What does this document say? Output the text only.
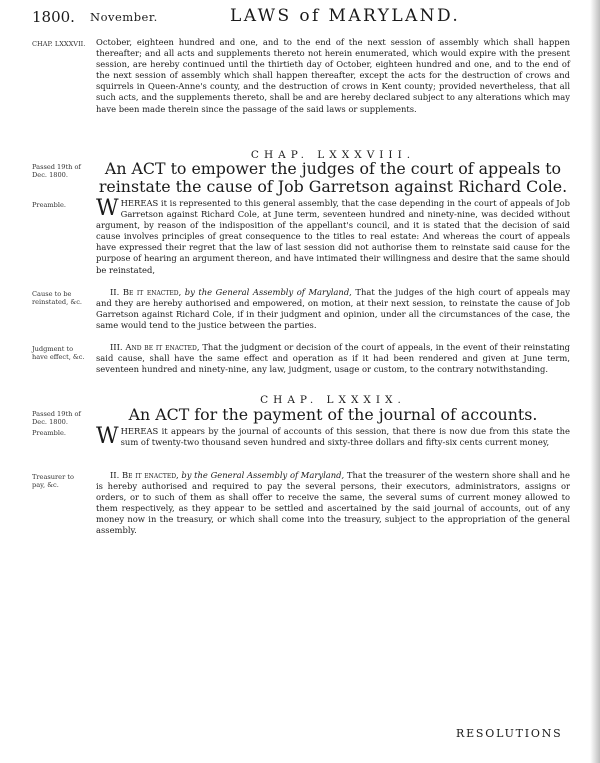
1800. November.	LAWS of MARYLAND.
CHAP. LXXXVII.	October, eighteen hundred and one, and to the end of the next session of assembly which shall happen thereafter; and all acts and supplements thereto not herein enumerated, which would expire with the present session, are hereby continued until the thirtieth day of October, eighteen hundred and one, and to the end of the next session of assembly which shall happen thereafter, except the acts for the destruction of crows and squirrels in Queen-Anne's county, and the destruction of crows in Kent county; provided nevertheless, that all such acts, and the supplements thereto, shall be and are hereby declared subject to any alterations which may have been made therein since the passage of the said laws or supplements.
CHAP. LXXXVIII.
Passed 19th of Dec. 1800.	An ACT to empower the judges of the court of appeals to reinstate the cause of Job Garretson against Richard Cole.
Preamble.	WHEREAS it is represented to this general assembly, that the case depending in the court of appeals of Job Garretson against Richard Cole, at June term, seventeen hundred and ninety-nine, was decided without argument, by reason of the indisposition of the appellant's council, and it is stated that the decision of said cause involves principles of great consequence to the titles to real estate: And whereas the court of appeals have expressed their regret that the law of last session did not authorise them to reinstate said cause for the purpose of hearing an argument thereon, and have intimated their willingness and desire that the same should be reinstated,
Cause to be reinstated, &c.
II. Be it enacted, by the General Assembly of Maryland, That the judges of the high court of appeals may and they are hereby authorised and empowered, on motion, at their next session, to reinstate the cause of Job Garretson against Richard Cole, if in their judgment and opinion, under all the circumstances of the case, the same would tend to the justice between the parties.
Judgment to have effect, &c.
III. And be it enacted, That the judgment or decision of the court of appeals, in the event of their reinstating said cause, shall have the same effect and operation as if it had been rendered and given at June term, seventeen hundred and ninety-nine, any law, judgment, usage or custom, to the contrary notwithstanding.
CHAP. LXXXIX.
Passed 19th of Dec. 1800.	An ACT for the payment of the journal of accounts.
Preamble.	WHEREAS it appears by the journal of accounts of this session, that there is now due from this state the sum of twenty-two thousand seven hundred and sixty-three dollars and fifty-six cents current money,
Treasurer to pay, &c.
II. Be it enacted, by the General Assembly of Maryland, That the treasurer of the western shore shall and he is hereby authorised and required to pay the several persons, their executors, administrators, assigns or orders, or to such of them as shall offer to receive the same, the several sums of current money allowed to them respectively, as they appear to be settled and ascertained by the said journal of accounts, out of any money now in the treasury, or which shall come into the treasury, subject to the appropriation of the general assembly.
RESOLUTIONS
